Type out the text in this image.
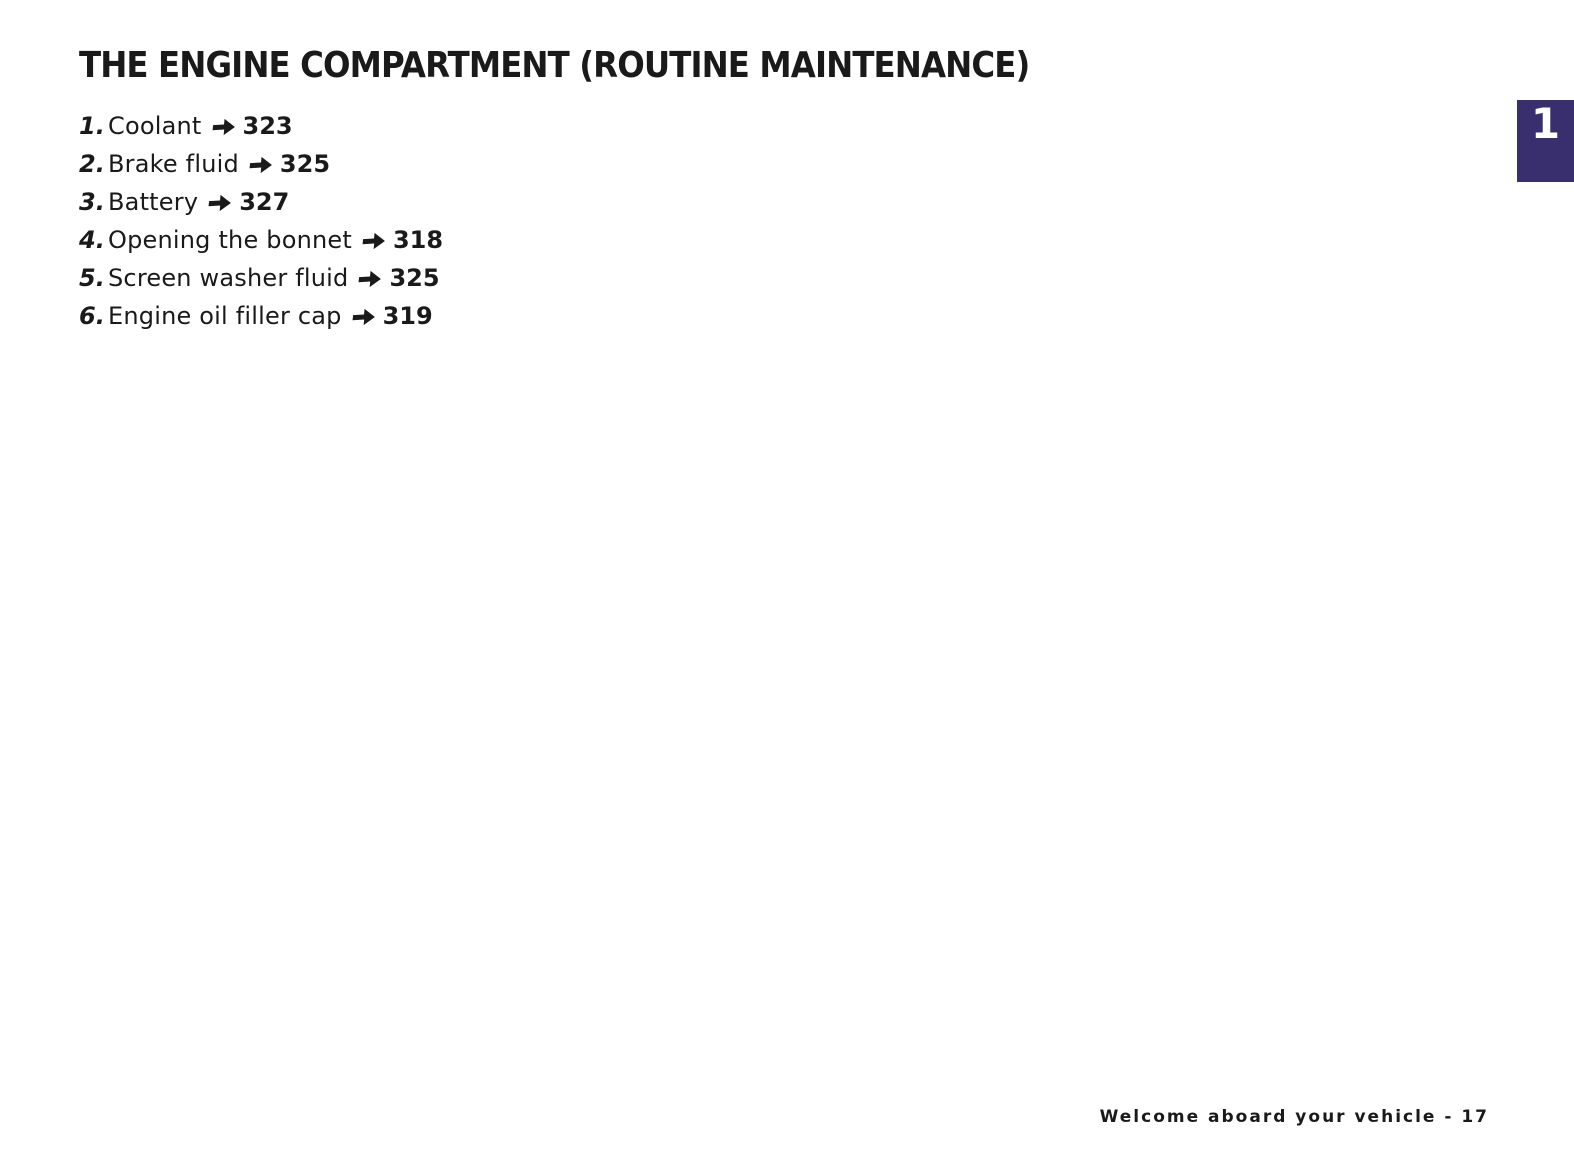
THE ENGINE COMPARTMENT (ROUTINE MAINTENANCE)
1. Coolant 323
2. Brake fluid 325
3. Battery 327
4. Opening the bonnet 318
5. Screen washer fluid 325
6. Engine oil filler cap 319
1
Welcome aboard your vehicle - 17
